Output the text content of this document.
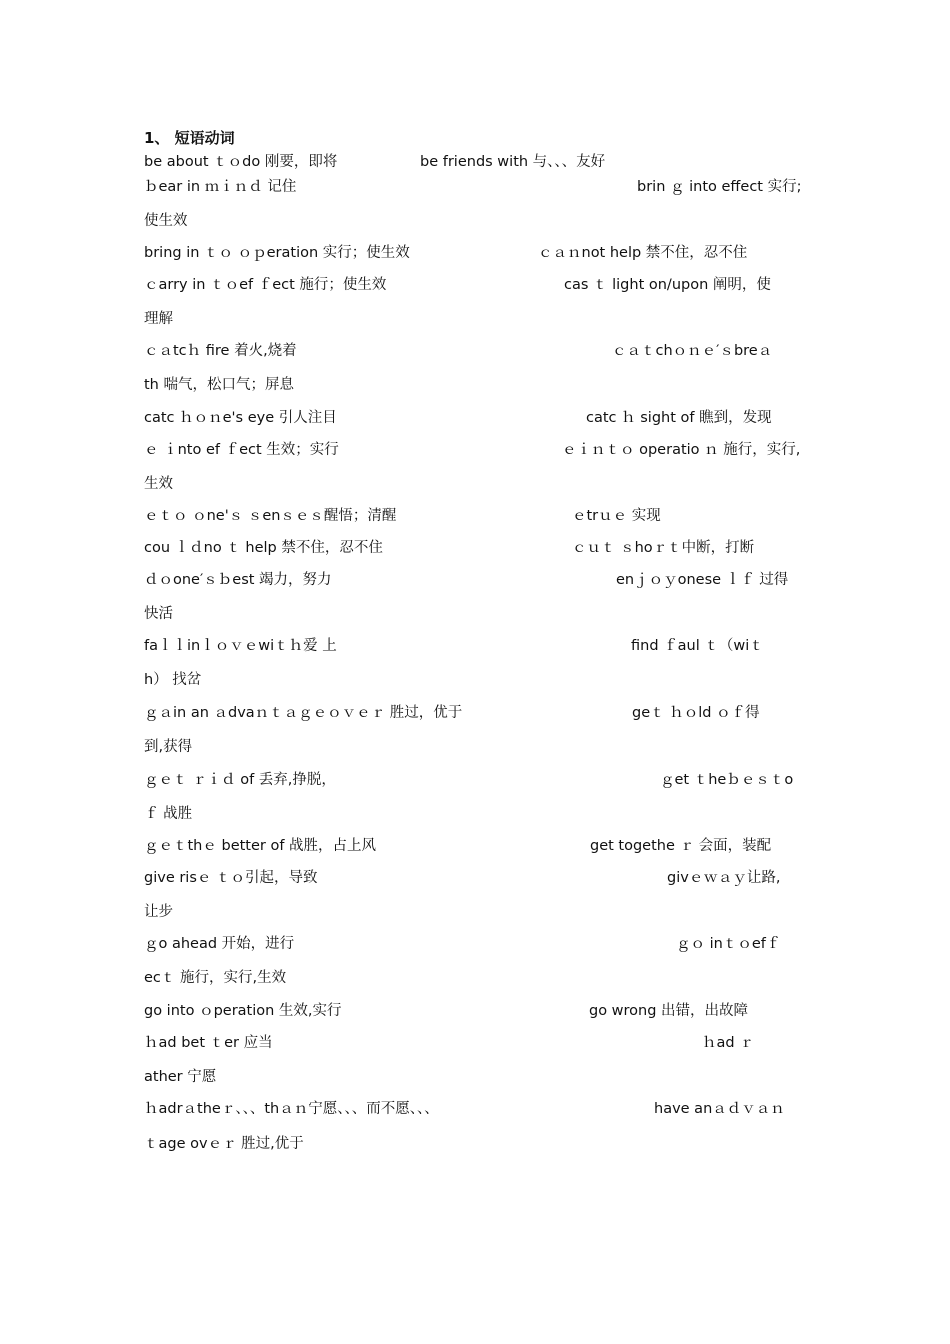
1、 短语动词
be about ｔｏdo 刚要，即将	be friends with 与、、、友好
ｂear in ｍｉｎｄ 记住	brin ｇ into effect 实行;
使生效
bring in ｔｏ ｏｐeration 实行；使生效	ｃａｎnot help 禁不住，忍不住
ｃarry in ｔｏef ｆect 施行；使生效	cas ｔ light on/upon 阐明，使
理解
ｃａtcｈ fire 着火,烧着	ｃａｔchｏｎｅ′ｓbreａ
th 喘气，松口气；屏息
catc ｈｏｎe's eye 引人注目	catc ｈ sight of 瞧到，发现
ｅ ｉnto ef ｆect 生效；实行	ｅｉｎｔｏ operatio ｎ 施行，实行,
生效
ｅｔｏ ｏne'ｓ ｓenｓｅｓ醒悟；清醒	ｅtrｕｅ 实现
cou ｌｄno ｔ help 禁不住，忍不住	ｃｕｔ ｓhoｒｔ中断，打断
ｄｏone′ｓｂest 竭力，努力	enｊｏｙonese ｌｆ 过得
快活
faｌｌinｌｏｖｅwiｔｈ爱 上	find ｆaul ｔ（wiｔ
h） 找岔
ｇａin an ａdvaｎｔａｇｅｏｖｅｒ 胜过，优于	geｔ ｈｏld ｏｆ得
到,获得
ｇｅｔ ｒｉｄ of 丢弃,挣脱，	ｇet ｔheｂｅｓｔo
ｆ 战胜
ｇｅｔthｅ better of 战胜，占上风	get togethe ｒ 会面，装配
give risｅ ｔｏ引起，导致	givｅｗａｙ让路,
让步
ｇo ahead 开始，进行	ｇｏ inｔｏefｆ
ecｔ 施行，实行,生效
go into ｏperation 生效,实行	go wrong 出错，出故障
ｈad bet ｔer 应当	ｈad ｒ
ather 宁愿
ｈadrａtheｒ、、、thａｎ宁愿、、、而不愿、、、	have anａｄｖａｎ
ｔage ovｅｒ 胜过,优于
